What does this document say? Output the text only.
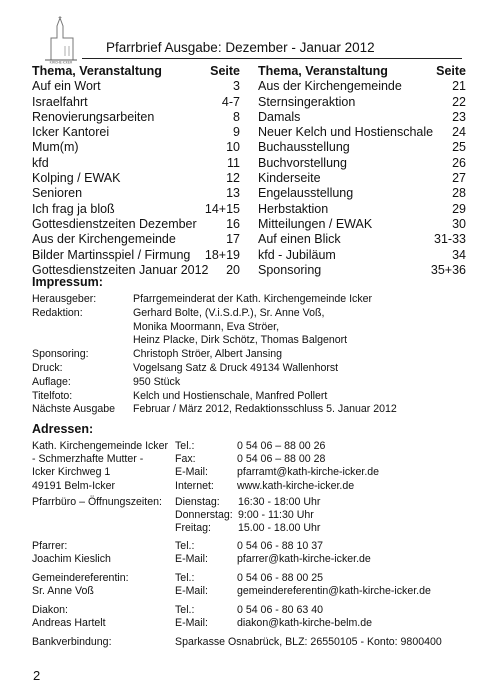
KIRCHE ICKER
Pfarrbrief Ausgabe: Dezember - Januar 2012
Thema, Veranstaltung	Seite
Auf ein Wort	3
Israelfahrt	4-7
Renovierungsarbeiten	8
Icker Kantorei	9
Mum(m)	10
kfd	11
Kolping / EWAK	12
Senioren	13
Ich frag ja bloß	14+15
Gottesdienstzeiten Dezember 16
Aus der Kirchengemeinde	17
Bilder Martinsspiel / Firmung 18+19
Gottesdienstzeiten Januar 2012 20
Thema, Veranstaltung	Seite
Aus der Kirchengemeinde	21
Sternsingeraktion	22
Damals	23
Neuer Kelch und Hostienschale 24
Buchausstellung	25
Buchvorstellung	26
Kinderseite	27
Engelausstellung	28
Herbstaktion	29
Mitteilungen / EWAK	30
Auf einen Blick	31-33
kfd - Jubiläum	34
Sponsoring	35+36
Impressum:
Herausgeber:	Pfarrgemeinderat der Kath. Kirchengemeinde Icker
Redaktion:	Gerhard Bolte, (V.i.S.d.P.), Sr. Anne Voß,
Monika Moormann, Eva Ströer,
Heinz Placke, Dirk Schötz, Thomas Balgenort
Sponsoring:	Christoph Ströer, Albert Jansing
Druck:	Vogelsang Satz & Druck 49134 Wallenhorst
Auflage:	950 Stück
Titelfoto:	Kelch und Hostienschale, Manfred Pollert
Nächste Ausgabe	Februar / März 2012, Redaktionsschluss 5. Januar 2012
Adressen:
Kath. Kirchengemeinde Icker Tel.:	0 54 06 – 88 00 26
- Schmerzhafte Mutter -	Fax:	0 54 06 – 88 00 28
Icker Kirchweg 1	E-Mail:	pfarramt@kath-kirche-icker.de
49191 Belm-Icker	Internet:	www.kath-kirche-icker.de
Pfarrbüro – Öffnungszeiten:	Dienstag:	16:30 - 18:00 Uhr
Donnerstag: 9:00 - 11:30 Uhr
Freitag:	15.00 - 18.00 Uhr
Pfarrer:	Tel.:	0 54 06 - 88 10 37
Joachim Kieslich	E-Mail:	pfarrer@kath-kirche-icker.de
Gemeindereferentin:	Tel.:	0 54 06 - 88 00 25
Sr. Anne Voß	E-Mail:	gemeindereferentin@kath-kirche-icker.de
Diakon:	Tel.:	0 54 06 - 80 63 40
Andreas Hartelt	E-Mail:	diakon@kath-kirche-belm.de
Bankverbindung:	Sparkasse Osnabrück, BLZ: 26550105 - Konto: 9800400
2
